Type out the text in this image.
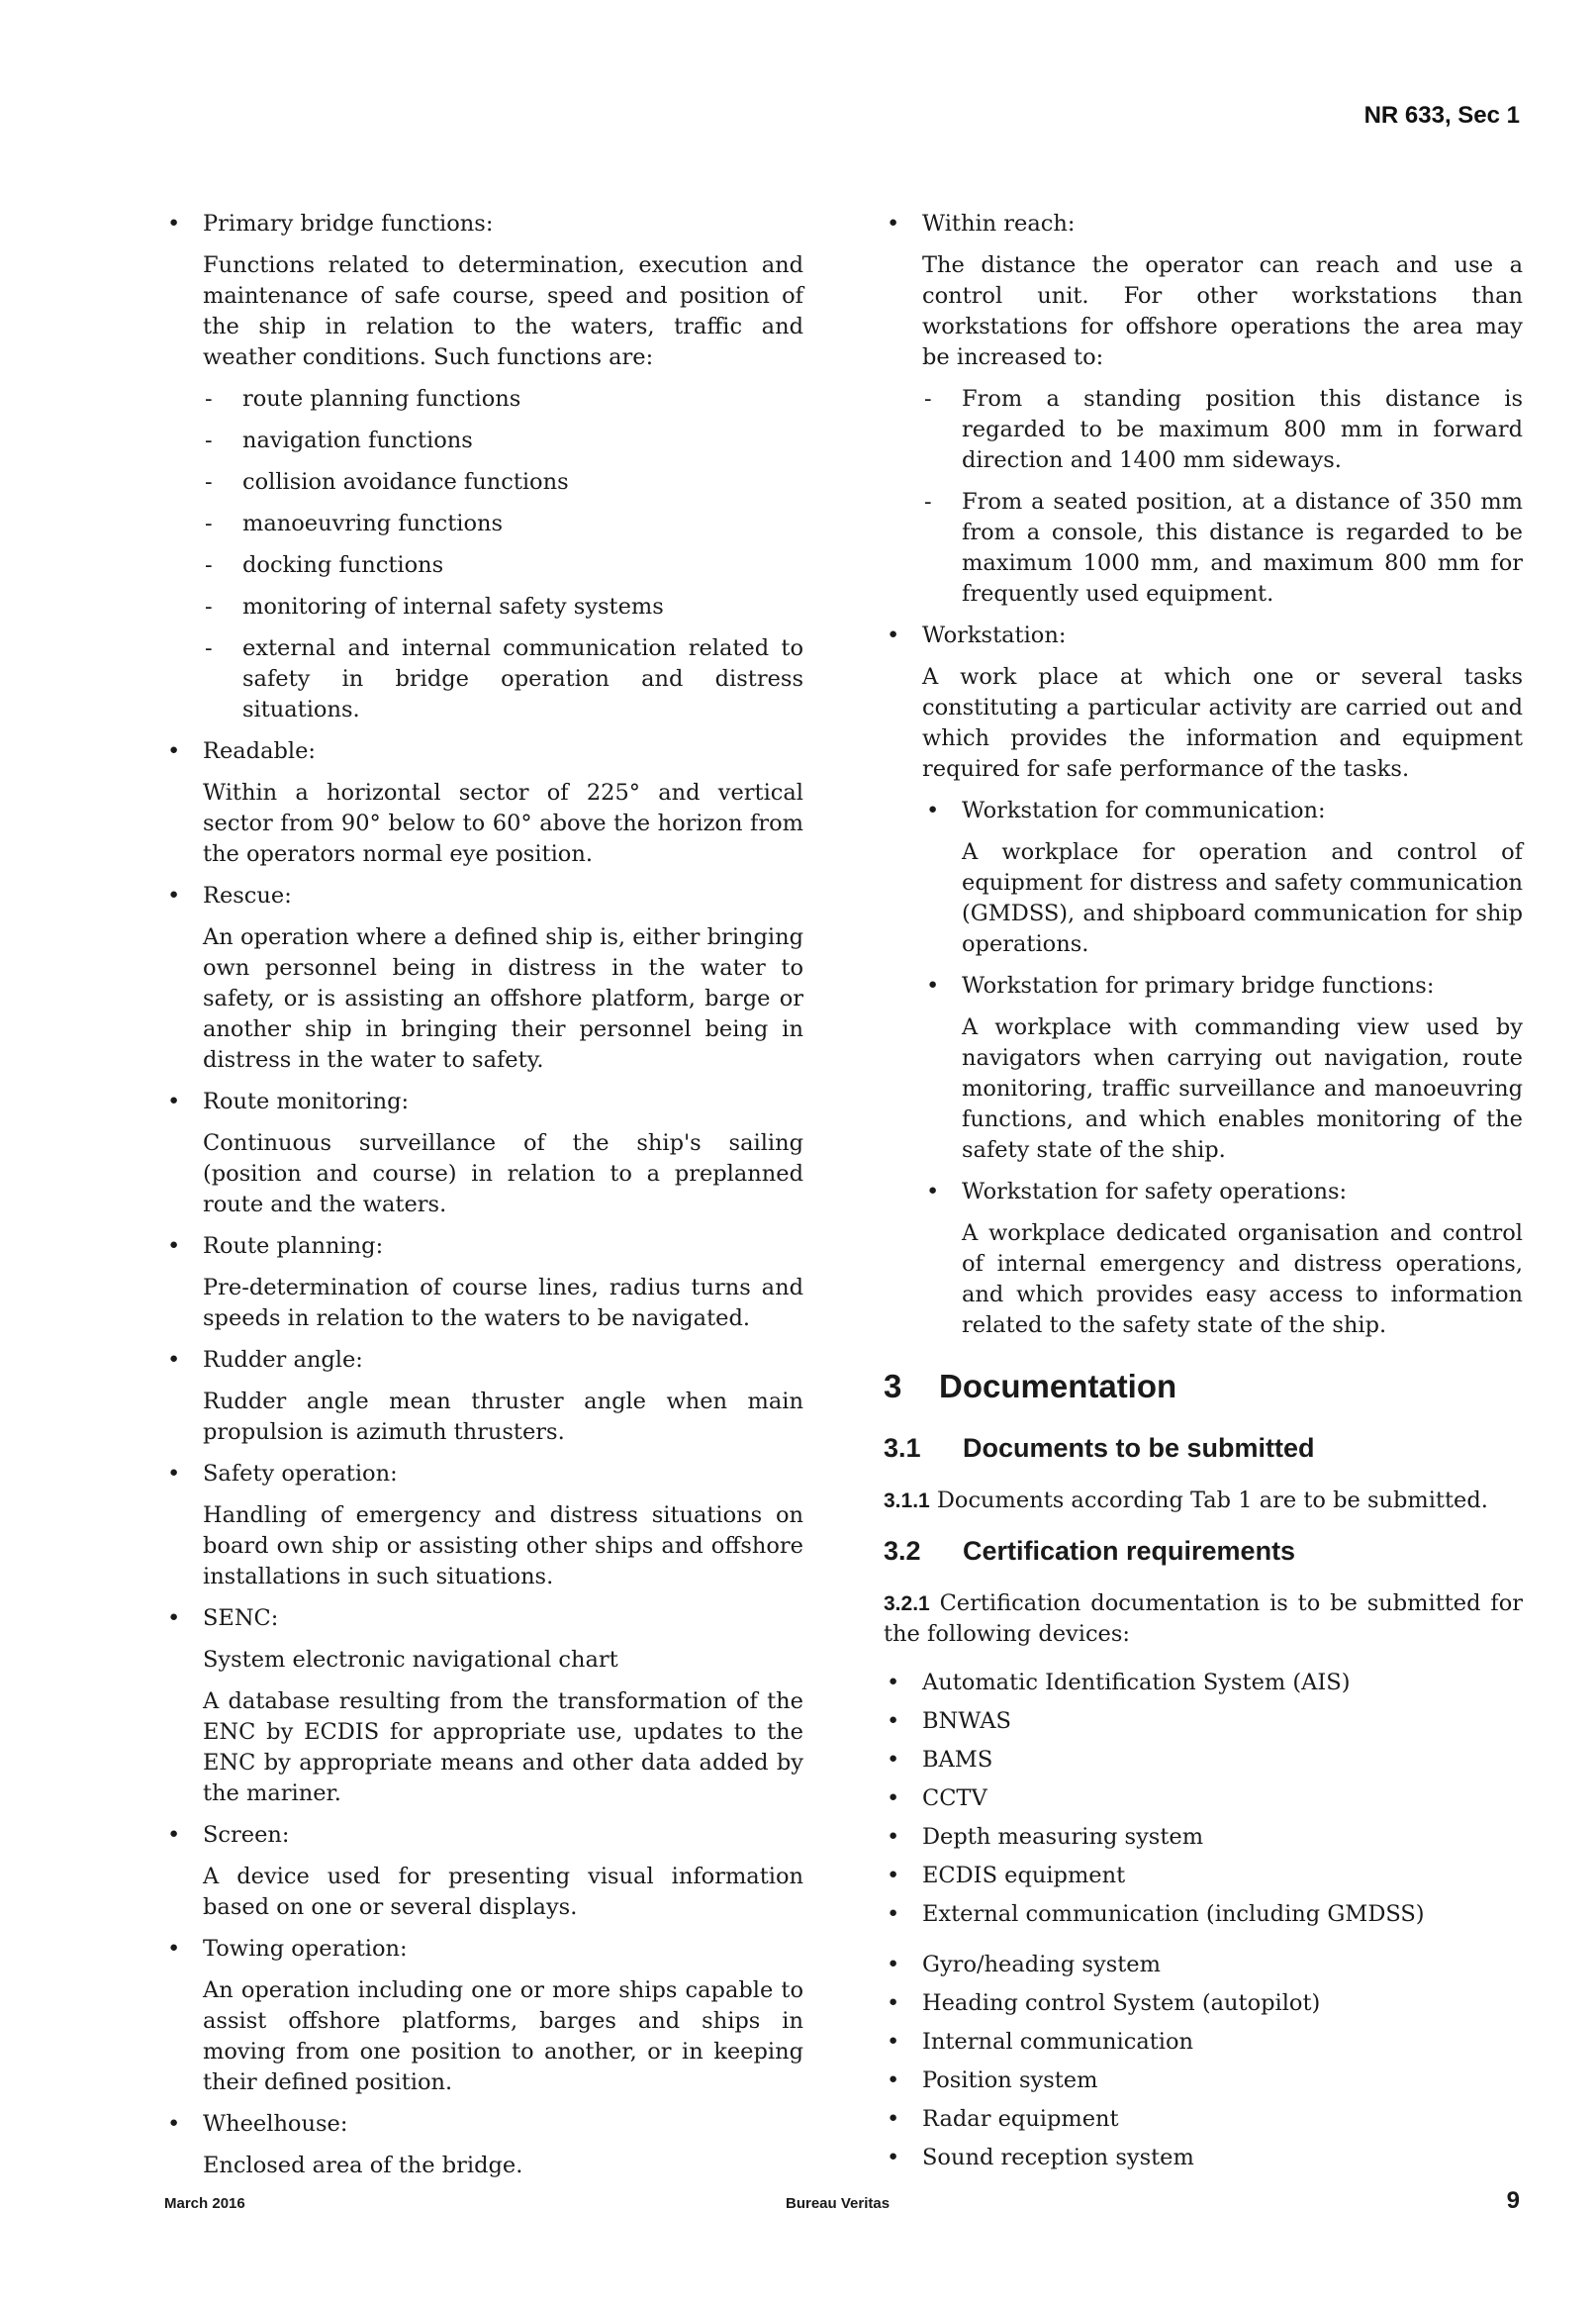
NR 633, Sec 1
• Primary bridge functions:
Functions related to determination, execution and maintenance of safe course, speed and position of the ship in relation to the waters, traffic and weather conditions. Such functions are:
- route planning functions
- navigation functions
- collision avoidance functions
- manoeuvring functions
- docking functions
- monitoring of internal safety systems
- external and internal communication related to safety in bridge operation and distress situations.
• Readable:
Within a horizontal sector of 225° and vertical sector from 90° below to 60° above the horizon from the operators normal eye position.
• Rescue:
An operation where a defined ship is, either bringing own personnel being in distress in the water to safety, or is assisting an offshore platform, barge or another ship in bringing their personnel being in distress in the water to safety.
• Route monitoring:
Continuous surveillance of the ship's sailing (position and course) in relation to a preplanned route and the waters.
• Route planning:
Pre-determination of course lines, radius turns and speeds in relation to the waters to be navigated.
• Rudder angle:
Rudder angle mean thruster angle when main propulsion is azimuth thrusters.
• Safety operation:
Handling of emergency and distress situations on board own ship or assisting other ships and offshore installations in such situations.
• SENC:
System electronic navigational chart
A database resulting from the transformation of the ENC by ECDIS for appropriate use, updates to the ENC by appropriate means and other data added by the mariner.
• Screen:
A device used for presenting visual information based on one or several displays.
• Towing operation:
An operation including one or more ships capable to assist offshore platforms, barges and ships in moving from one position to another, or in keeping their defined position.
• Wheelhouse:
Enclosed area of the bridge.
• Within reach:
The distance the operator can reach and use a control unit. For other workstations than workstations for offshore operations the area may be increased to:
- From a standing position this distance is regarded to be maximum 800 mm in forward direction and 1400 mm sideways.
- From a seated position, at a distance of 350 mm from a console, this distance is regarded to be maximum 1000 mm, and maximum 800 mm for frequently used equipment.
• Workstation:
A work place at which one or several tasks constituting a particular activity are carried out and which provides the information and equipment required for safe performance of the tasks.
• Workstation for communication:
A workplace for operation and control of equipment for distress and safety communication (GMDSS), and shipboard communication for ship operations.
• Workstation for primary bridge functions:
A workplace with commanding view used by navigators when carrying out navigation, route monitoring, traffic surveillance and manoeuvring functions, and which enables monitoring of the safety state of the ship.
• Workstation for safety operations:
A workplace dedicated organisation and control of internal emergency and distress operations, and which provides easy access to information related to the safety state of the ship.
3 Documentation
3.1 Documents to be submitted
3.1.1 Documents according Tab 1 are to be submitted.
3.2 Certification requirements
3.2.1 Certification documentation is to be submitted for the following devices:
• Automatic Identification System (AIS)
• BNWAS
• BAMS
• CCTV
• Depth measuring system
• ECDIS equipment
• External communication (including GMDSS)
• Gyro/heading system
• Heading control System (autopilot)
• Internal communication
• Position system
• Radar equipment
• Sound reception system
March 2016	Bureau Veritas	9
